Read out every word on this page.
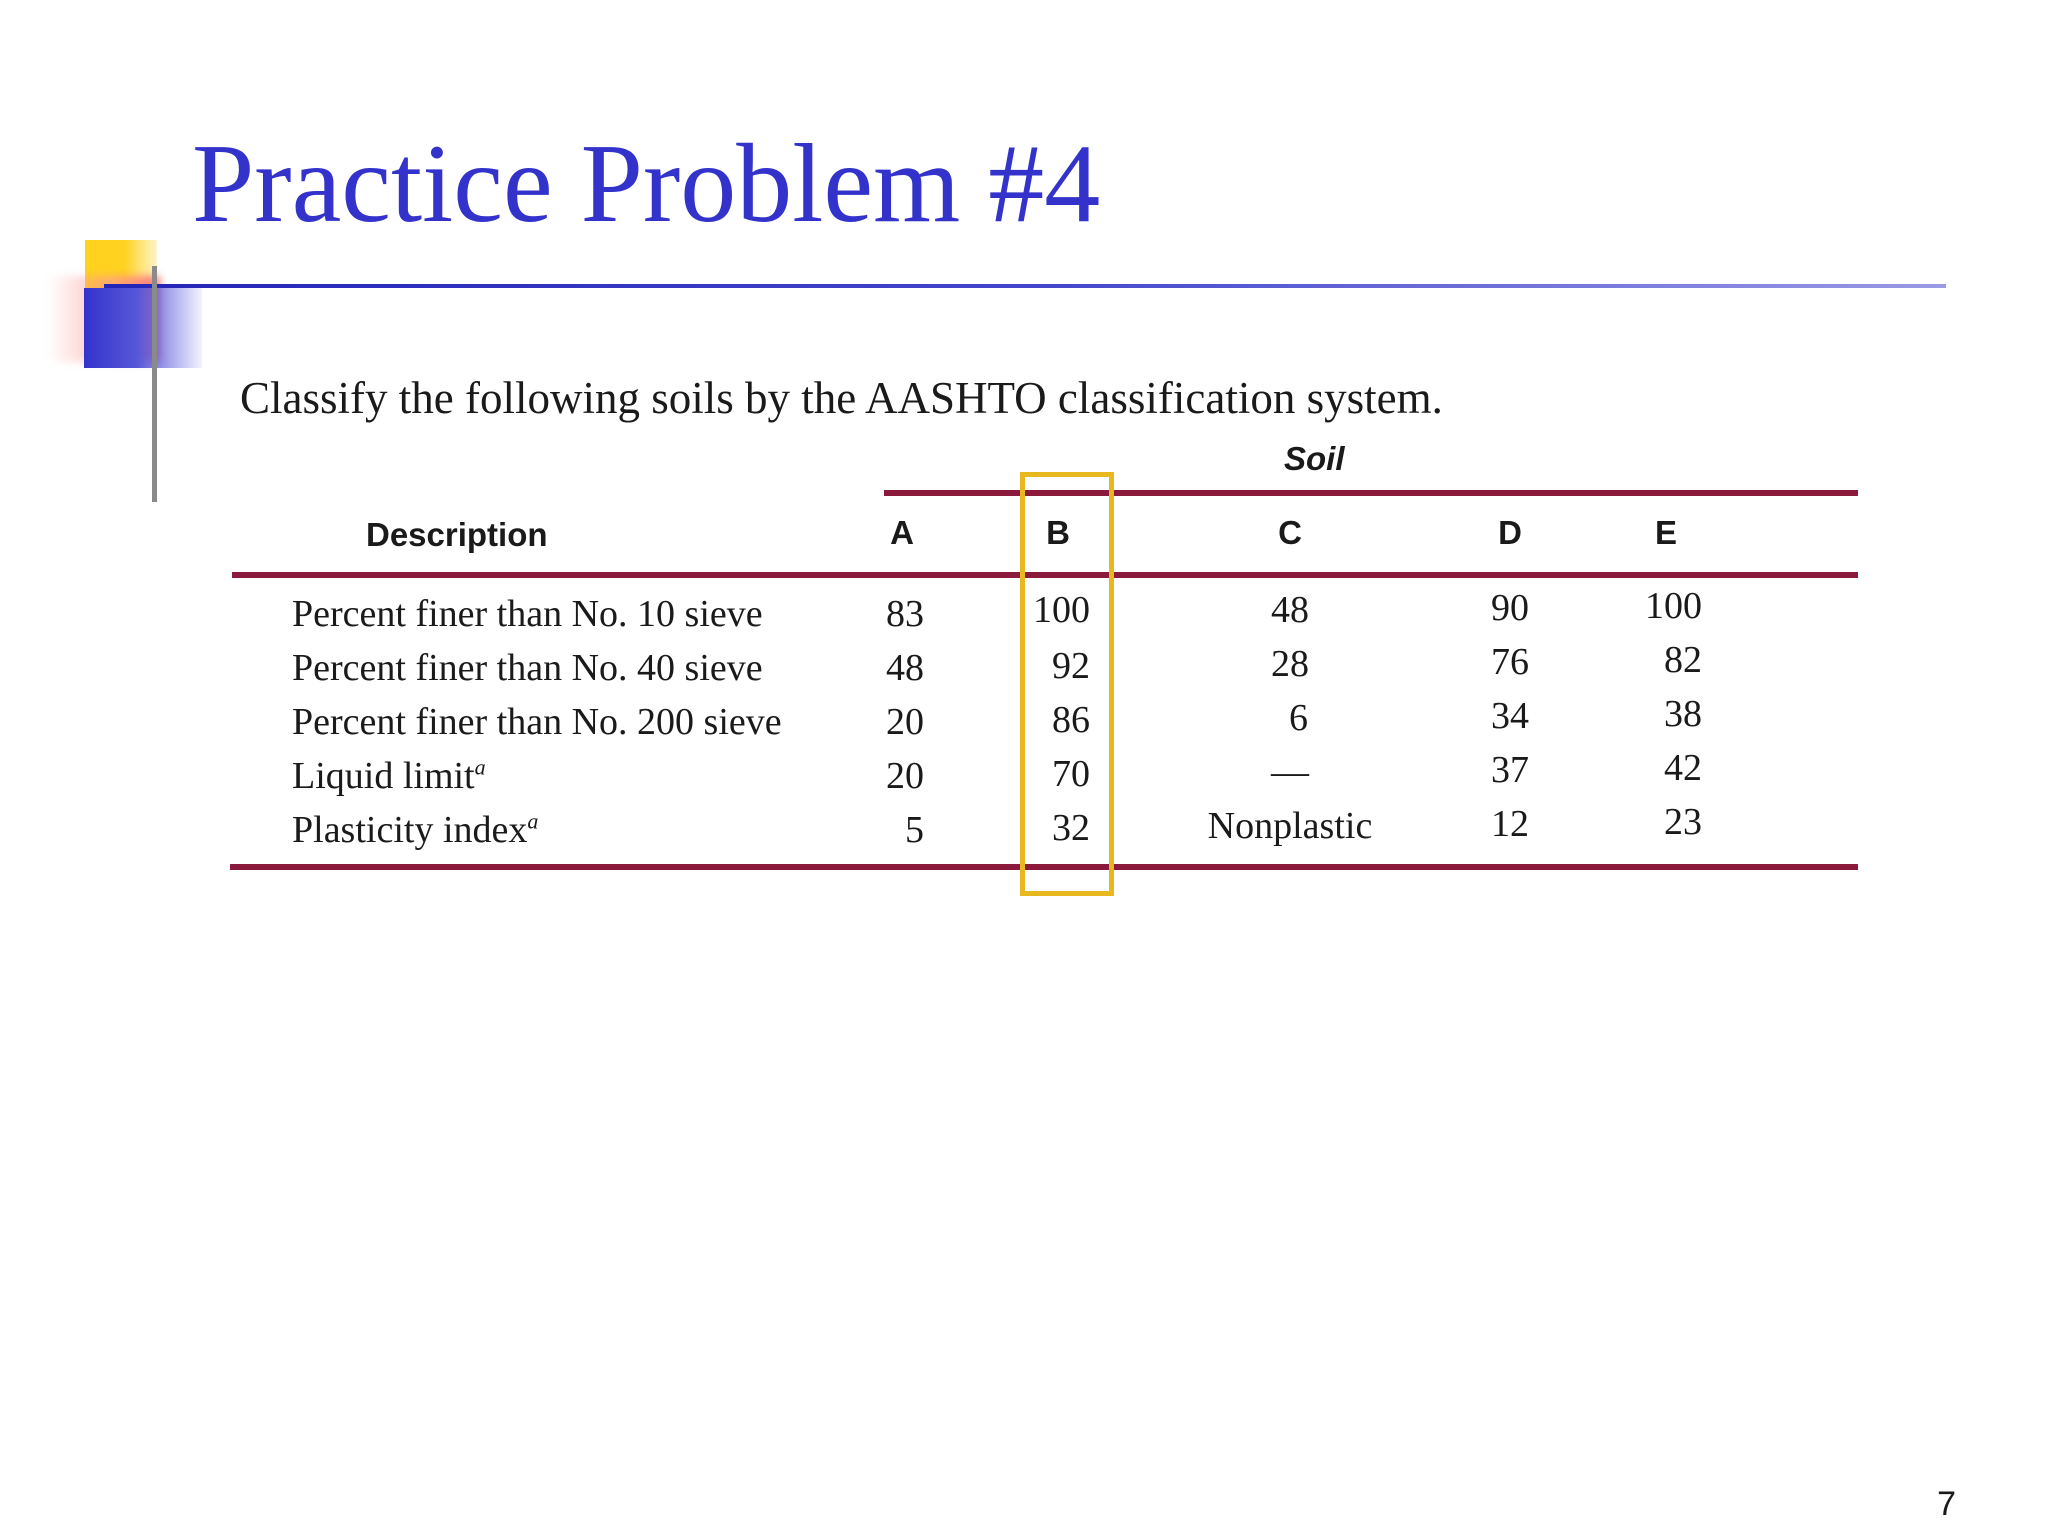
Practice Problem #4
Classify the following soils by the AASHTO classification system.
Soil
Description	A	B	C	D	E
Percent finer than No. 10 sieve	83	100	48	90	100
Percent finer than No. 40 sieve	48	92	28	76	82
Percent finer than No. 200 sieve	20	86	6	34	38
Liquid limit$^a$	20	70	—	37	42
Plasticity index$^a$	5	32	Nonplastic	12	23
7
